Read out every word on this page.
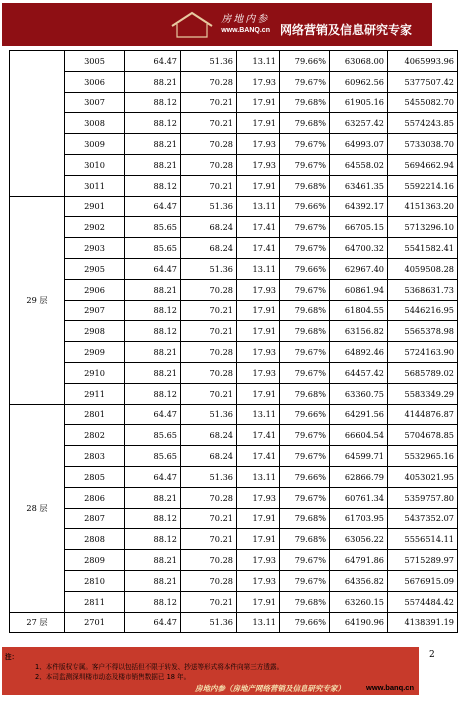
房地内参
www.BANQ.cn 网络营销及信息研究专家
	3005	64.47	51.36	13.11	79.66%	63068.00	4065993.96
	3006	88.21	70.28	17.93	79.67%	60962.56	5377507.42
	3007	88.12	70.21	17.91	79.68%	61905.16	5455082.70
	3008	88.12	70.21	17.91	79.68%	63257.42	5574243.85
	3009	88.21	70.28	17.93	79.67%	64993.07	5733038.70
	3010	88.21	70.28	17.93	79.67%	64558.02	5694662.94
	3011	88.12	70.21	17.91	79.68%	63461.35	5592214.16
29 层	2901	64.47	51.36	13.11	79.66%	64392.17	4151363.20
	2902	85.65	68.24	17.41	79.67%	66705.15	5713296.10
	2903	85.65	68.24	17.41	79.67%	64700.32	5541582.41
	2905	64.47	51.36	13.11	79.66%	62967.40	4059508.28
	2906	88.21	70.28	17.93	79.67%	60861.94	5368631.73
	2907	88.12	70.21	17.91	79.68%	61804.55	5446216.95
	2908	88.12	70.21	17.91	79.68%	63156.82	5565378.98
	2909	88.21	70.28	17.93	79.67%	64892.46	5724163.90
	2910	88.21	70.28	17.93	79.67%	64457.42	5685789.02
	2911	88.12	70.21	17.91	79.68%	63360.75	5583349.29
28 层	2801	64.47	51.36	13.11	79.66%	64291.56	4144876.87
	2802	85.65	68.24	17.41	79.67%	66604.54	5704678.85
	2803	85.65	68.24	17.41	79.67%	64599.71	5532965.16
	2805	64.47	51.36	13.11	79.66%	62866.79	4053021.95
	2806	88.21	70.28	17.93	79.67%	60761.34	5359757.80
	2807	88.12	70.21	17.91	79.68%	61703.95	5437352.07
	2808	88.12	70.21	17.91	79.68%	63056.22	5556514.11
	2809	88.21	70.28	17.93	79.67%	64791.86	5715289.97
	2810	88.21	70.28	17.93	79.67%	64356.82	5676915.09
	2811	88.12	70.21	17.91	79.68%	63260.15	5574484.42
27 层	2701	64.47	51.36	13.11	79.66%	64190.96	4138391.19
注：
1、本件版权专属。客户不得以包括但不限于转发、抄送等形式将本件向第三方透露。
2、本司监测深圳楼市动态及楼市销售数据已 18 年。
2
房地内参（房地产网络营销及信息研究专家）	www.banq.cn
